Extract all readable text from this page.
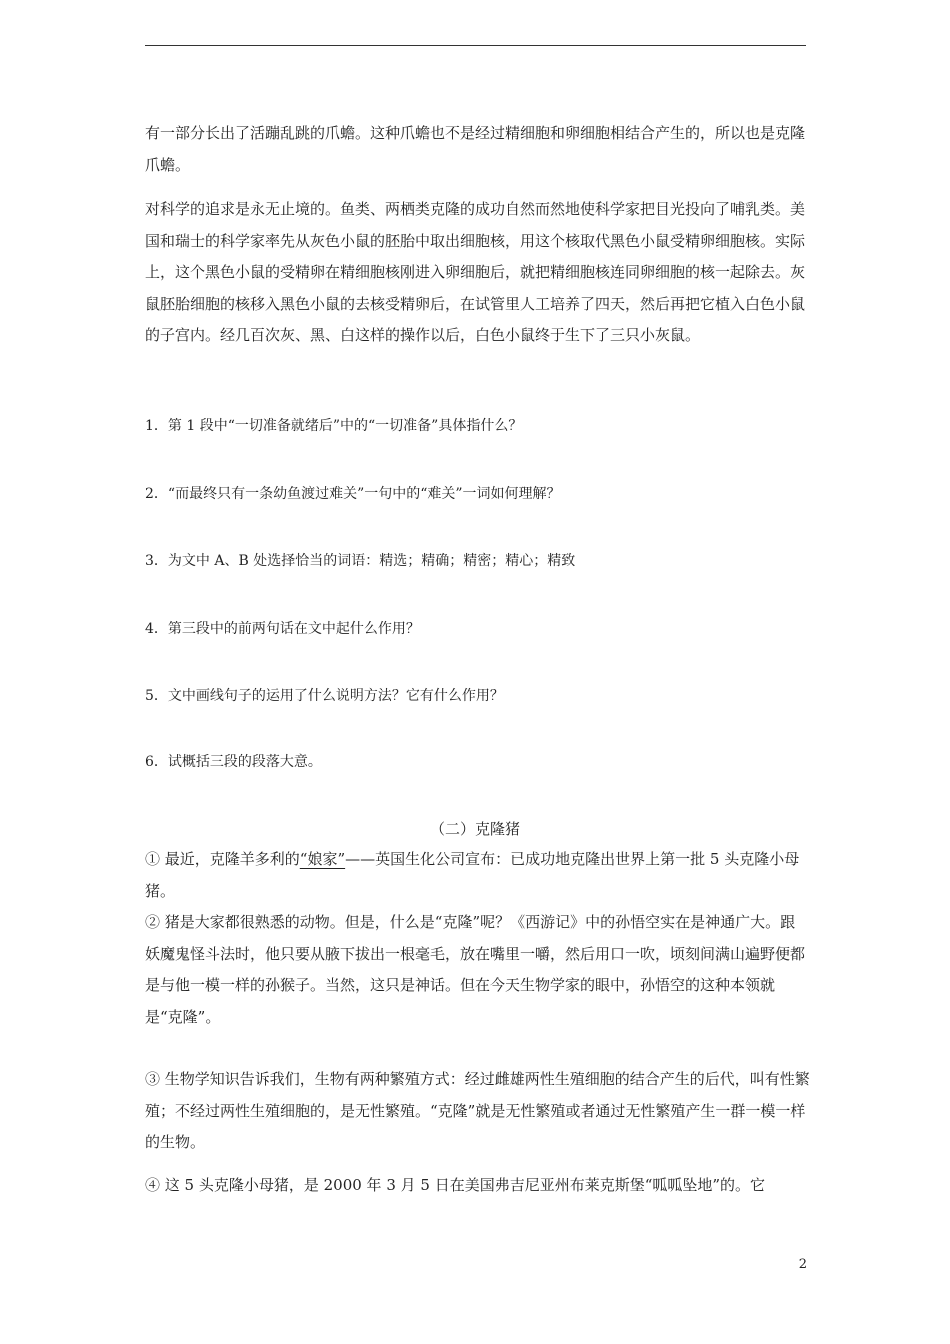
有一部分长出了活蹦乱跳的爪蟾。这种爪蟾也不是经过精细胞和卵细胞相结合产生的，所以也是克隆爪蟾。

对科学的追求是永无止境的。鱼类、两栖类克隆的成功自然而然地使科学家把目光投向了哺乳类。美国和瑞士的科学家率先从灰色小鼠的胚胎中取出细胞核，用这个核取代黑色小鼠受精卵细胞核。实际上，这个黑色小鼠的受精卵在精细胞核刚进入卵细胞后，就把精细胞核连同卵细胞的核一起除去。灰鼠胚胎细胞的核移入黑色小鼠的去核受精卵后，在试管里人工培养了四天，然后再把它植入白色小鼠的子宫内。经几百次灰、黑、白这样的操作以后，白色小鼠终于生下了三只小灰鼠。

1．第 1 段中“一切准备就绪后”中的“一切准备”具体指什么？

2．“而最终只有一条幼鱼渡过难关”一句中的“难关”一词如何理解？

3．为文中 A、B 处选择恰当的词语：精选；精确；精密；精心；精致

4．第三段中的前两句话在文中起什么作用？

5．文中画线句子的运用了什么说明方法？它有什么作用？

6．试概括三段的段落大意。

（二）克隆猪

① 最近，克隆羊多利的“娘家”——英国生化公司宣布：已成功地克隆出世界上第一批 5 头克隆小母猪。

② 猪是大家都很熟悉的动物。但是，什么是“克隆”呢？《西游记》中的孙悟空实在是神通广大。跟妖魔鬼怪斗法时，他只要从腋下拔出一根毫毛，放在嘴里一嚼，然后用口一吹，顷刻间满山遍野便都是与他一模一样的孙猴子。当然，这只是神话。但在今天生物学家的眼中，孙悟空的这种本领就是“克隆”。

③ 生物学知识告诉我们，生物有两种繁殖方式：经过雌雄两性生殖细胞的结合产生的后代，叫有性繁殖；不经过两性生殖细胞的，是无性繁殖。“克隆”就是无性繁殖或者通过无性繁殖产生一群一模一样的生物。

④ 这 5 头克隆小母猪，是 2000 年 3 月 5 日在美国弗吉尼亚州布莱克斯堡“呱呱坠地”的。它

2
